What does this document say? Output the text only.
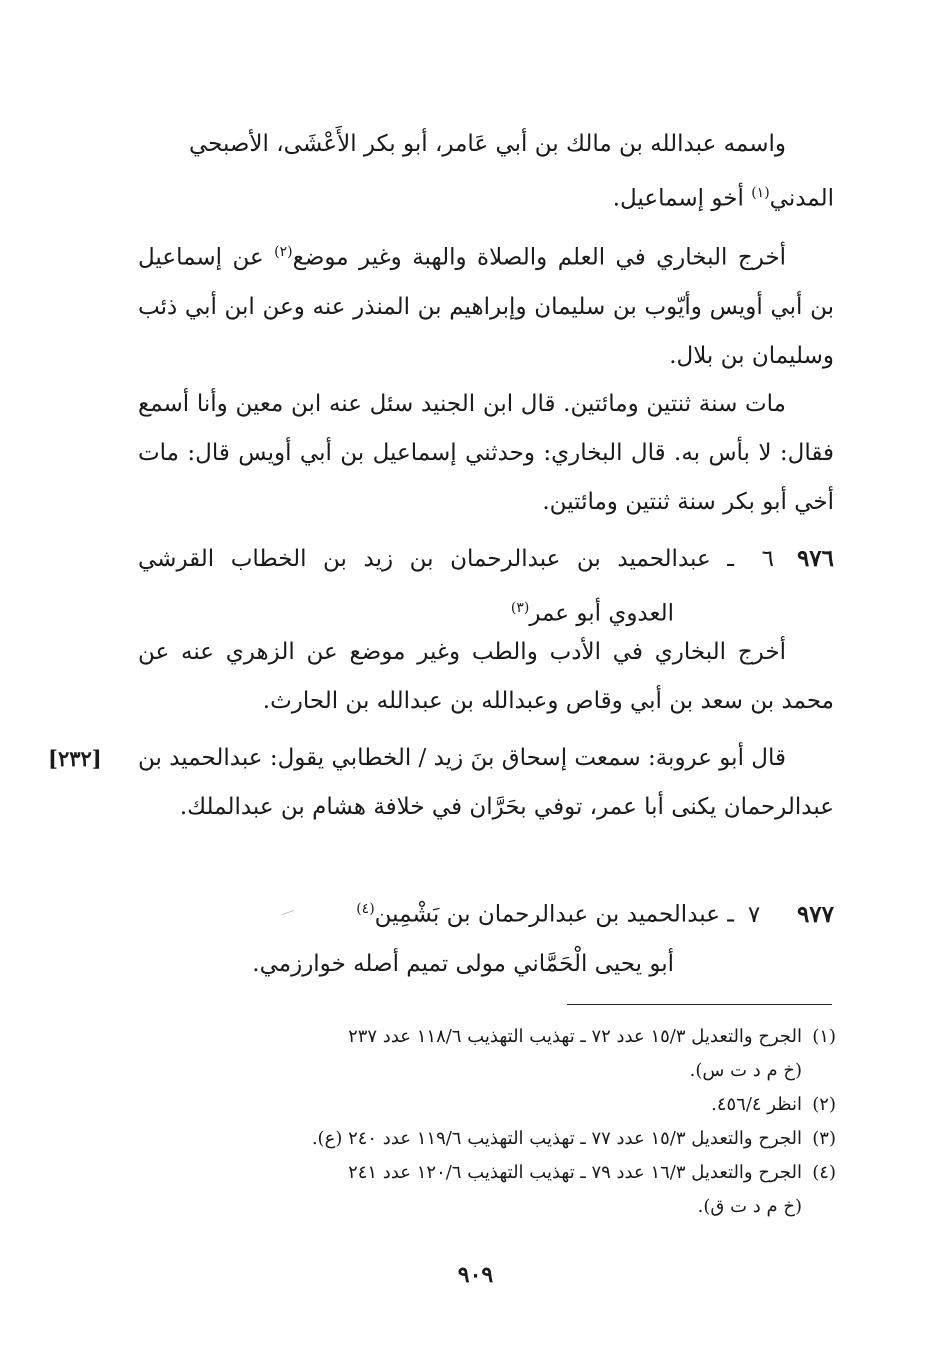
واسمه عبدالله بن مالك بن أبي عَامر، أبو بكر الأَعْشَى، الأصبحي
المدني$^{(١)}$ أخو إسماعيل.
أخرج البخاري في العلم والصلاة والهبة وغير موضع$^{(٢)}$ عن إسماعيل بن أبي أويس وأيّوب بن سليمان وإبراهيم بن المنذر عنه وعن ابن أبي ذئب وسليمان بن بلال.
مات سنة ثنتين ومائتين. قال ابن الجنيد سئل عنه ابن معين وأنا أسمع فقال: لا بأس به. قال البخاري: وحدثني إسماعيل بن أبي أويس قال: مات أخي أبو بكر سنة ثنتين ومائتين.
٩٧٦٦ـ عبدالحميد بن عبدالرحمان بن زيد بن الخطاب القرشي
العدوي أبو عمر$^{(٣)}$
أخرج البخاري في الأدب والطب وغير موضع عن الزهري عنه عن محمد بن سعد بن أبي وقاص وعبدالله بن عبدالله بن الحارث.
قال أبو عروبة: سمعت إسحاق بنَ زيد / الخطابي يقول: عبدالحميد بن عبدالرحمان يكنى أبا عمر، توفي بحَرَّان في خلافة هشام بن عبدالملك.
[٢٣٢]
٩٧٧٧ـ عبدالحميد بن عبدالرحمان بن بَشْمِين$^{(٤)}$
أبو يحيى الْحَمَّاني مولى تميم أصله خوارزمي.
(١)الجرح والتعديل ١٥/٣ عدد ٧٢ ـ تهذيب التهذيب ١١٨/٦ عدد ٢٣٧
(خ م د ت س).
(٢)انظر ٤٥٦/٤.
(٣)الجرح والتعديل ١٥/٣ عدد ٧٧ ـ تهذيب التهذيب ١١٩/٦ عدد ٢٤٠ (ع).
(٤)الجرح والتعديل ١٦/٣ عدد ٧٩ ـ تهذيب التهذيب ١٢٠/٦ عدد ٢٤١
(خ م د ت ق).
٩٠٩
